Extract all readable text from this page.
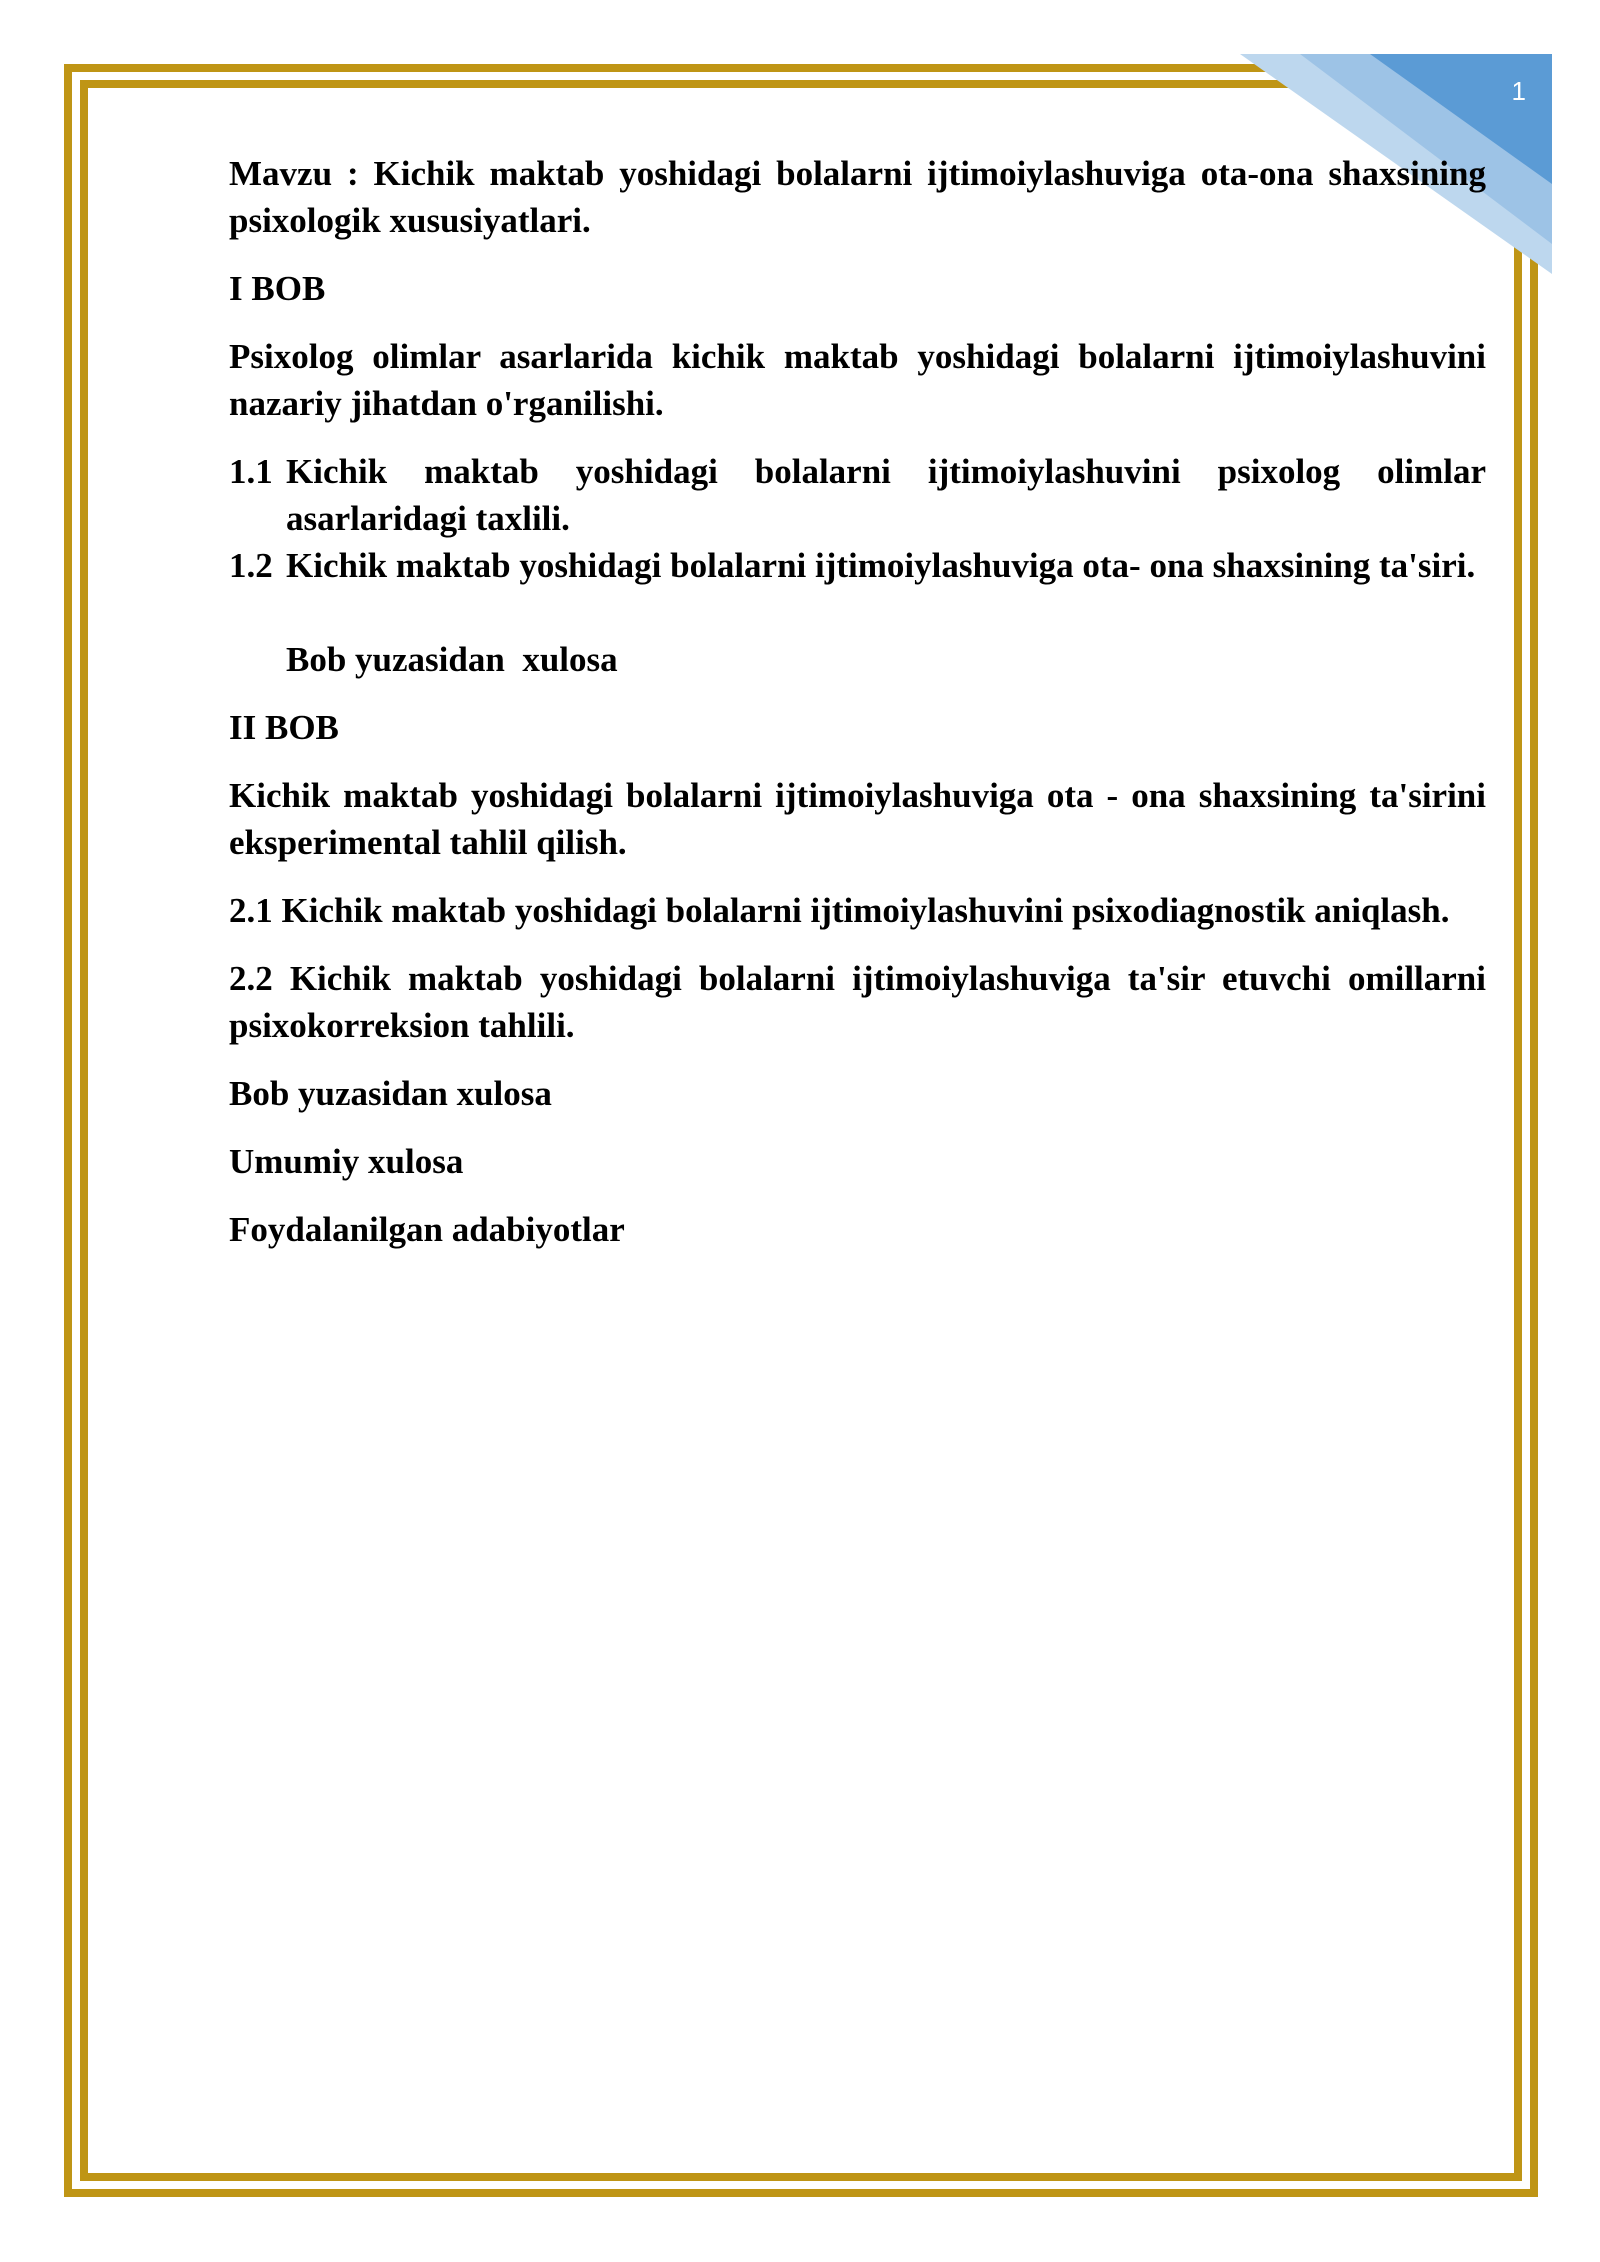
1

Mavzu : Kichik maktab yoshidagi bolalarni ijtimoiylashuviga ota-ona shaxsining psixologik xususiyatlari.

I BOB

Psixolog olimlar asarlarida kichik maktab yoshidagi bolalarni ijtimoiylashuvini nazariy jihatdan o'rganilishi.

1.1 Kichik maktab yoshidagi bolalarni ijtimoiylashuvini psixolog olimlar asarlaridagi taxlili.
1.2 Kichik maktab yoshidagi bolalarni ijtimoiylashuviga ota- ona shaxsining ta'siri.

Bob yuzasidan  xulosa

II BOB

Kichik maktab yoshidagi bolalarni ijtimoiylashuviga ota - ona shaxsining ta'sirini eksperimental tahlil qilish.

2.1 Kichik maktab yoshidagi bolalarni ijtimoiylashuvini psixodiagnostik aniqlash.

2.2 Kichik maktab yoshidagi bolalarni ijtimoiylashuviga ta'sir etuvchi omillarni psixokorreksion tahlili.

Bob yuzasidan xulosa

Umumiy xulosa

Foydalanilgan adabiyotlar
